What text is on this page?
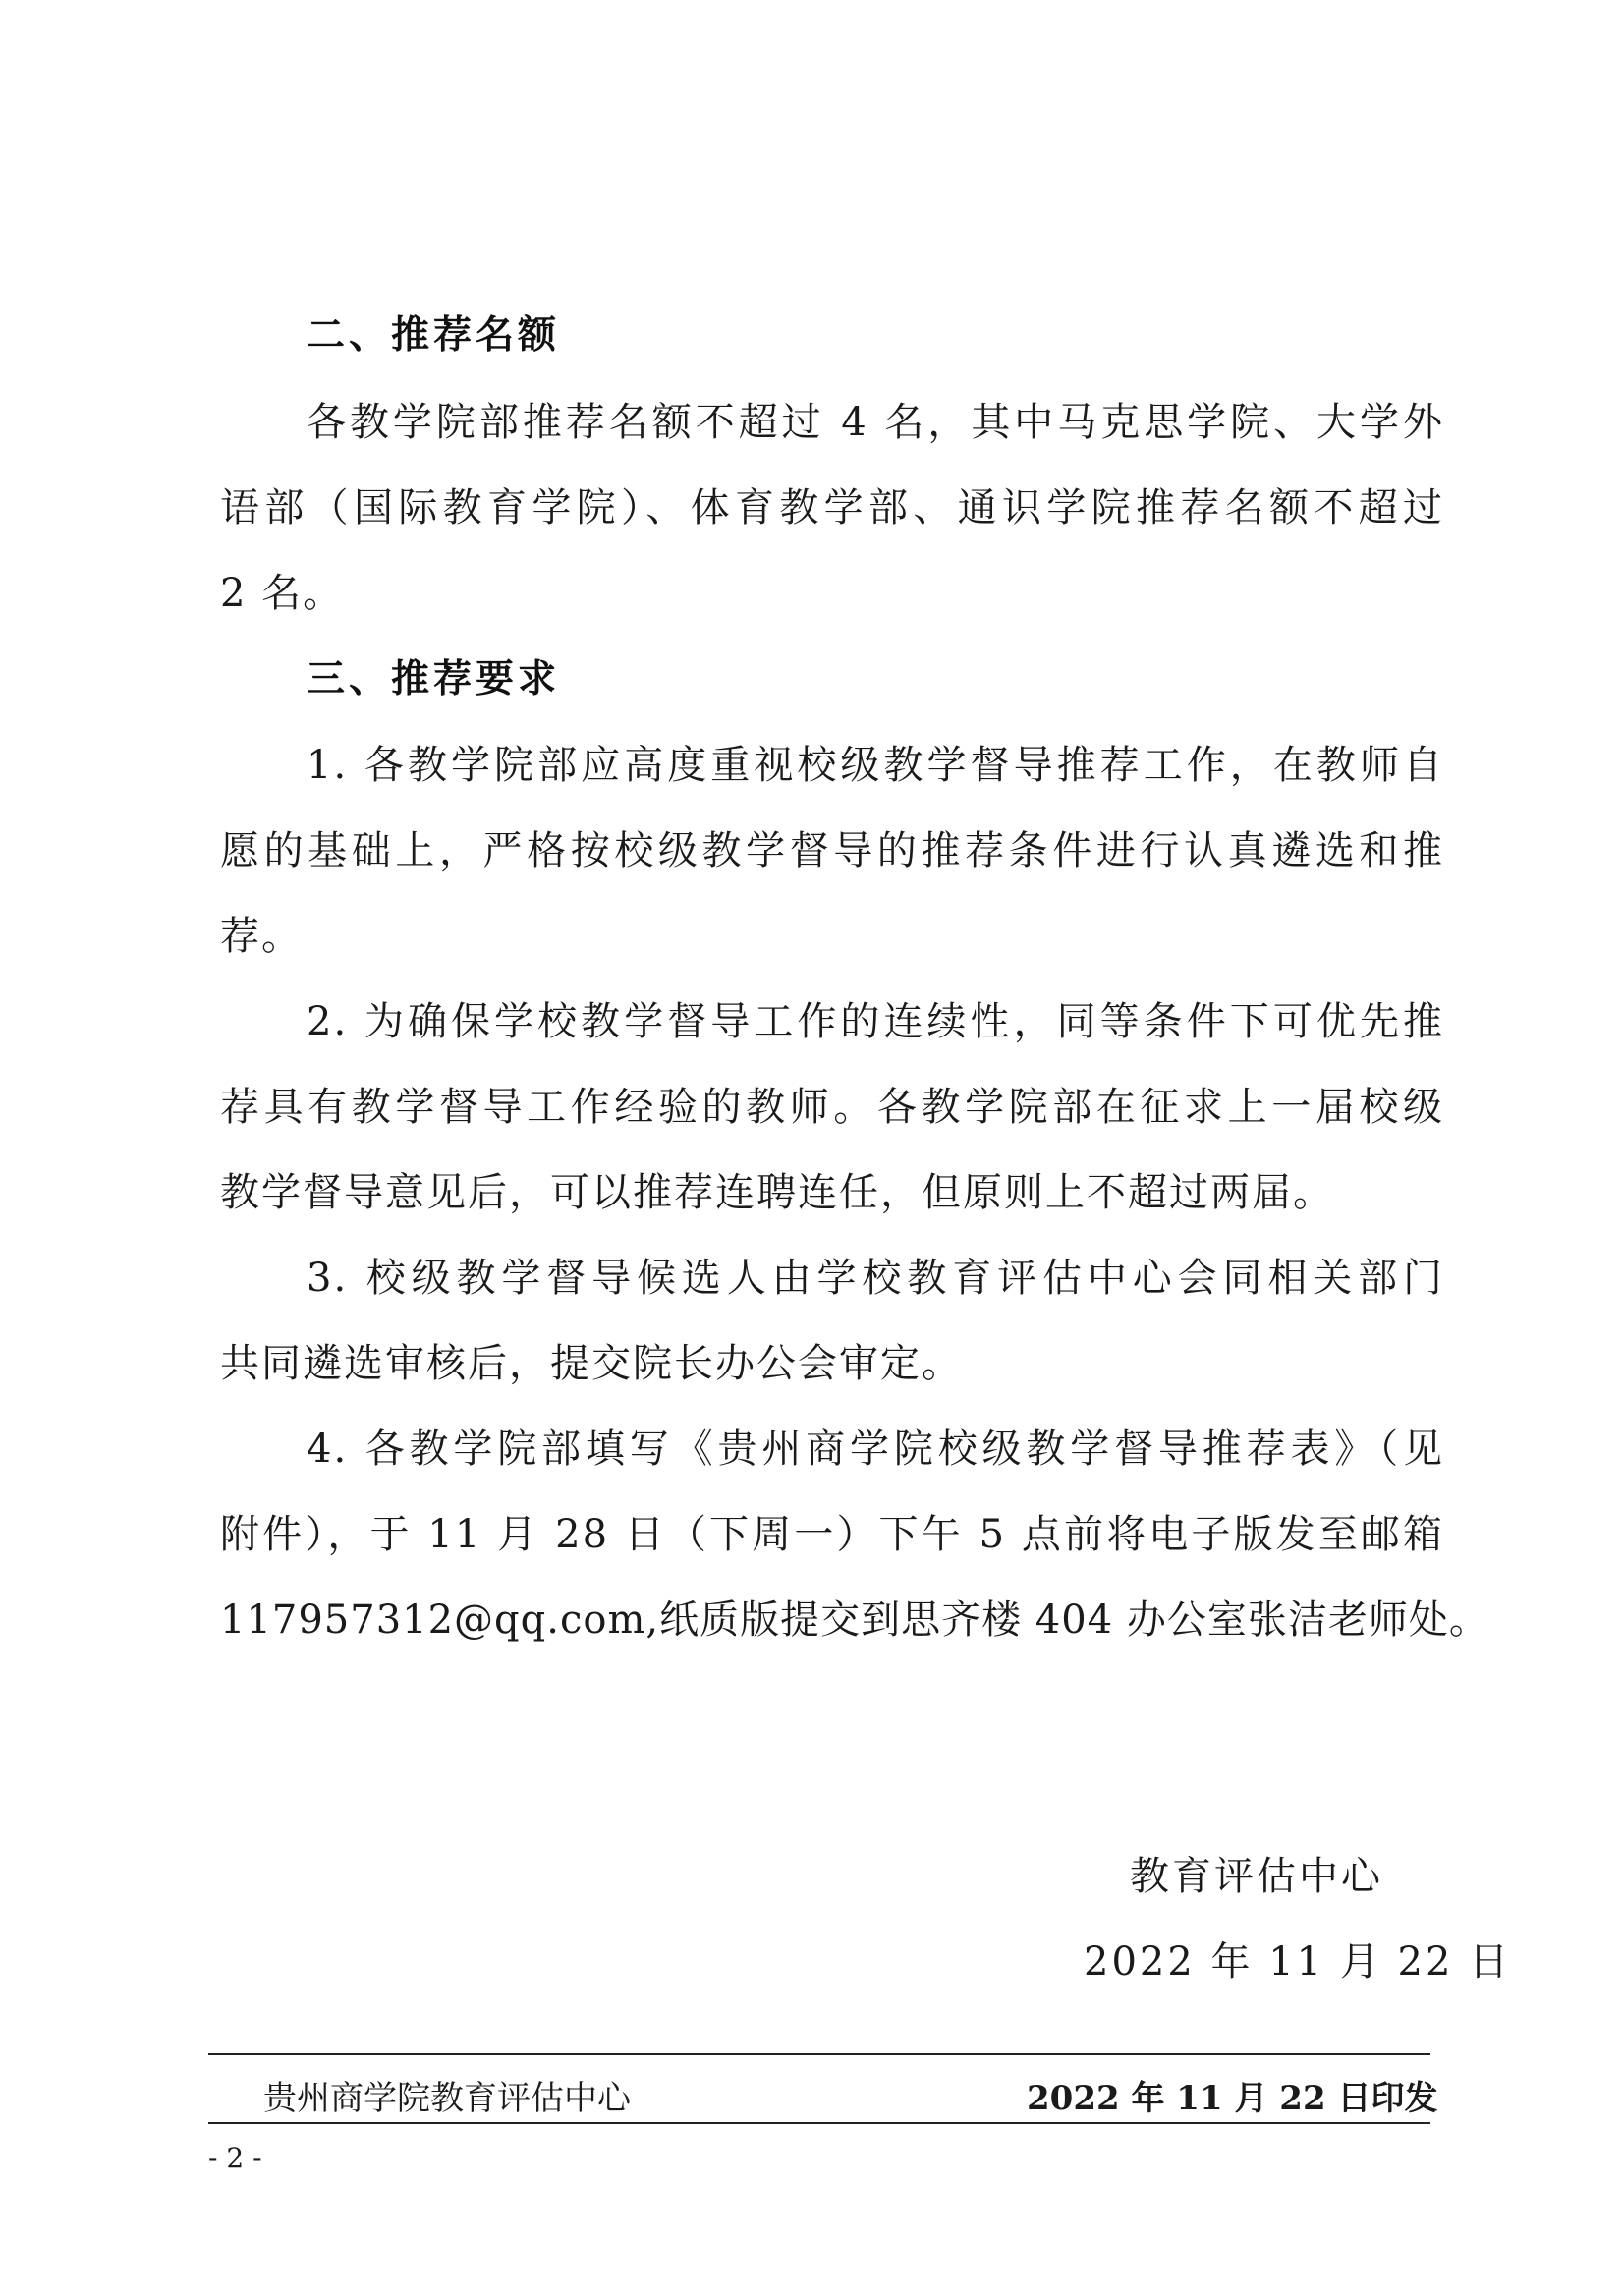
二、推荐名额
各教学院部推荐名额不超过 4 名，其中马克思学院、大学外
语部（国际教育学院）、体育教学部、通识学院推荐名额不超过
2 名。
三、推荐要求
1. 各教学院部应高度重视校级教学督导推荐工作，在教师自
愿的基础上，严格按校级教学督导的推荐条件进行认真遴选和推
荐。
2. 为确保学校教学督导工作的连续性，同等条件下可优先推
荐具有教学督导工作经验的教师。各教学院部在征求上一届校级
教学督导意见后，可以推荐连聘连任，但原则上不超过两届。
3. 校级教学督导候选人由学校教育评估中心会同相关部门
共同遴选审核后，提交院长办公会审定。
4. 各教学院部填写《贵州商学院校级教学督导推荐表》（见
附件），于 11 月 28 日（下周一）下午 5 点前将电子版发至邮箱
117957312@qq.com,纸质版提交到思齐楼 404 办公室张洁老师处。
教育评估中心
2022 年 11 月 22 日
贵州商学院教育评估中心	2022 年 11 月 22 日印发
- 2 -
